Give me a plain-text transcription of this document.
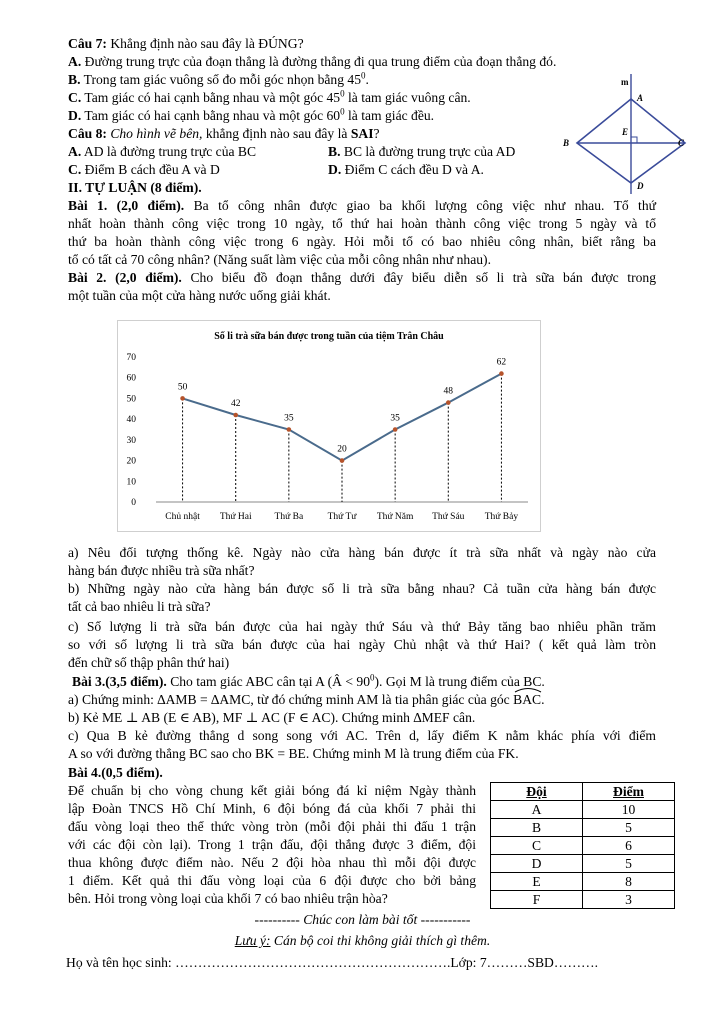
Câu 7: Khẳng định nào sau đây là ĐÚNG?
A. Đường trung trực của đoạn thẳng là đường thẳng đi qua trung điểm của đoạn thẳng đó.
B. Trong tam giác vuông số đo mỗi góc nhọn bằng $45^0$.
C. Tam giác có hai cạnh bằng nhau và một góc $45^0$ là tam giác vuông cân.
D. Tam giác có hai cạnh bằng nhau và một góc $60^0$ là tam giác đều.
Câu 8: Cho hình vẽ bên, khẳng định nào sau đây là SAI?
A. AD là đường trung trực của BC	B. BC là đường trung trực của AD
C. Điểm B cách đều A và D	D. Điểm C cách đều D và A.
m
A
E
B	C
D
II. TỰ LUẬN (8 điểm).
Bài 1. (2,0 điểm). Ba tổ công nhân được giao ba khối lượng công việc như nhau. Tổ thứ
nhất hoàn thành công việc trong 10 ngày, tổ thứ hai hoàn thành công việc trong 5 ngày và tổ
thứ ba hoàn thành công việc trong 6 ngày. Hỏi mỗi tổ có bao nhiêu công nhân, biết rằng ba
tổ có tất cả 70 công nhân? (Năng suất làm việc của mỗi công nhân như nhau).
Bài 2. (2,0 điểm). Cho biểu đồ đoạn thẳng dưới đây biểu diễn số li trà sữa bán được trong
một tuần của một cửa hàng nước uống giải khát.
Số li trà sữa bán được trong tuần của tiệm Trân Châu
0
10
20
30
40
50
60
70
Chủ nhật Thứ Hai Thứ Ba	Thứ Tư Thứ Năm Thứ Sáu Thứ Bảy
50
42
35
20
35
48
62
a) Nêu đối tượng thống kê. Ngày nào cửa hàng bán được ít trà sữa nhất và ngày nào cửa
hàng bán được nhiều trà sữa nhất?
b) Những ngày nào cửa hàng bán được số li trà sữa bằng nhau? Cả tuần cửa hàng bán được
tất cả bao nhiêu li trà sữa?
c) Số lượng li trà sữa bán được của hai ngày thứ Sáu và thứ Bảy tăng bao nhiêu phần trăm
so với số lượng li trà sữa bán được của hai ngày Chủ nhật và thứ Hai? ( kết quả làm tròn
đến chữ số thập phân thứ hai)
Bài 3.(3,5 điểm). Cho tam giác ABC cân tại A (Â < $90^0$). Gọi M là trung điểm của BC.
a) Chứng minh: ∆AMB = ∆AMC, từ đó chứng minh AM là tia phân giác của góc BAC
.
b) Kẻ ME ⊥ AB (E ∈ AB), MF ⊥ AC (F ∈ AC). Chứng minh ∆MEF cân.
c) Qua B kẻ đường thẳng d song song với AC. Trên d, lấy điểm K nằm khác phía với điểm
A so với đường thẳng BC sao cho BK = BE. Chứng minh M là trung điểm của FK.
Bài 4.(0,5 điểm).
Để chuẩn bị cho vòng chung kết giải bóng đá kỉ niệm Ngày thành
lập Đoàn TNCS Hồ Chí Minh, 6 đội bóng đá của khối 7 phải thi
đấu vòng loại theo thể thức vòng tròn (mỗi đội phải thi đấu 1 trận
với các đội còn lại). Trong 1 trận đấu, đội thắng được 3 điểm, đội
thua không được điểm nào. Nếu 2 đội hòa nhau thì mỗi đội được
1 điểm. Kết quả thi đấu vòng loại của 6 đội được cho bởi bảng
bên. Hỏi trong vòng loại của khối 7 có bao nhiêu trận hòa?
Đội	Điểm
A	10
B	5
C	6
D	5
E	8
F	3
---------- Chúc con làm bài tốt -----------
Lưu ý: Cán bộ coi thi không giải thích gì thêm.
Họ và tên học sinh: …………………………………………………….Lớp: 7………SBD……….
